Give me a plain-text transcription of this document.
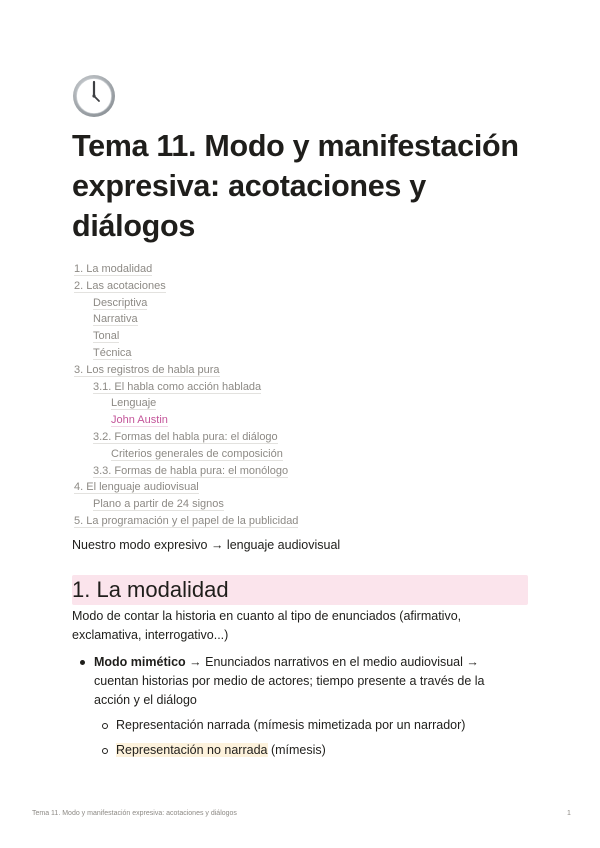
Tema 11. Modo y manifestación expresiva: acotaciones y diálogos
1. La modalidad
2. Las acotaciones
Descriptiva
Narrativa
Tonal
Técnica
3. Los registros de habla pura
3.1. El habla como acción hablada
Lenguaje
John Austin
3.2. Formas del habla pura: el diálogo
Criterios generales de composición
3.3. Formas de habla pura: el monólogo
4. El lenguaje audiovisual
Plano a partir de 24 signos
5. La programación y el papel de la publicidad
Nuestro modo expresivo → lenguaje audiovisual
1. La modalidad
Modo de contar la historia en cuanto al tipo de enunciados (afirmativo, exclamativa, interrogativo...)
Modo mimético → Enunciados narrativos en el medio audiovisual → cuentan historias por medio de actores; tiempo presente a través de la acción y el diálogo
Representación narrada (mímesis mimetizada por un narrador)
Representación no narrada (mímesis)
Tema 11. Modo y manifestación expresiva: acotaciones y diálogos	1
